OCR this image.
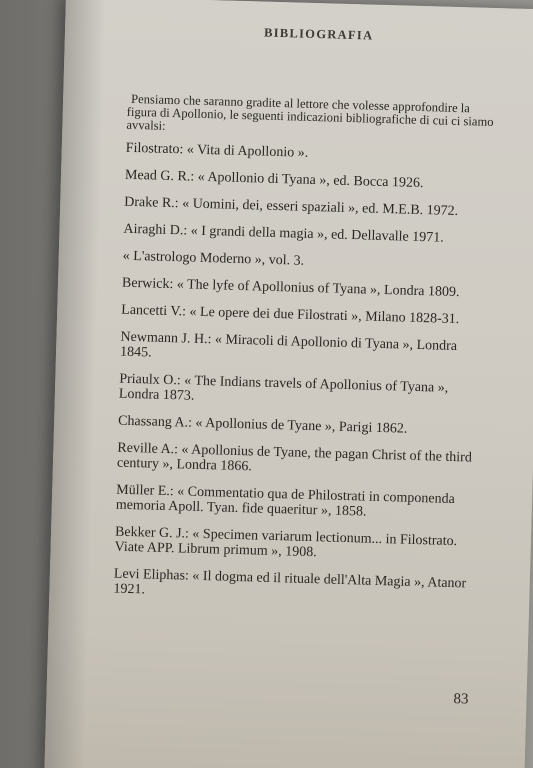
BIBLIOGRAFIA

Pensiamo che saranno gradite al lettore che volesse approfondire la figura di Apollonio, le seguenti indicazioni bibliografiche di cui ci siamo avvalsi:

Filostrato: « Vita di Apollonio ».

Mead G. R.: « Apollonio di Tyana », ed. Bocca 1926.

Drake R.: « Uomini, dei, esseri spaziali », ed. M.E.B. 1972.

Airaghi D.: « I grandi della magia », ed. Dellavalle 1971.

« L'astrologo Moderno », vol. 3.

Berwick: « The lyfe of Apollonius of Tyana », Londra 1809.

Lancetti V.: « Le opere dei due Filostrati », Milano 1828-31.

Newmann J. H.: « Miracoli di Apollonio di Tyana », Londra 1845.

Priaulx O.: « The Indians travels of Apollonius of Tyana », Londra 1873.

Chassang A.: « Apollonius de Tyane », Parigi 1862.

Reville A.: « Apollonius de Tyane, the pagan Christ of the third century », Londra 1866.

Müller E.: « Commentatio qua de Philostrati in componenda memoria Apoll. Tyan. fide quaeritur », 1858.

Bekker G. J.: « Specimen variarum lectionum... in Filostrato. Viate APP. Librum primum », 1908.

Levi Eliphas: « Il dogma ed il rituale dell'Alta Magia », Atanor 1921.

83
